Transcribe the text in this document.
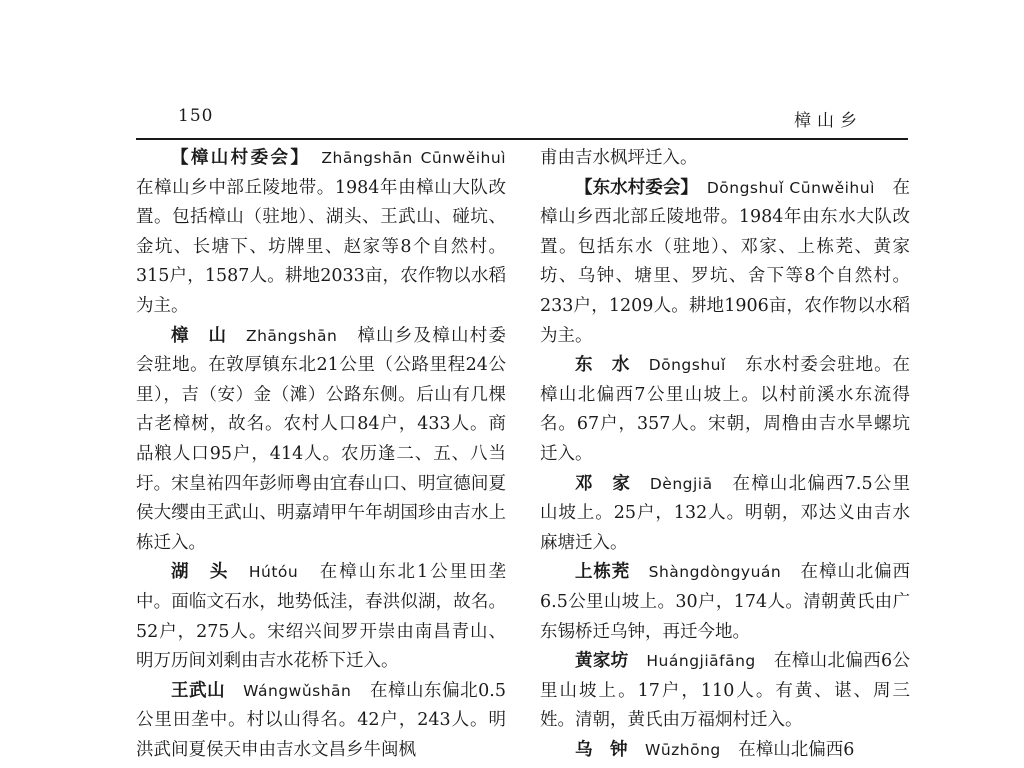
150	樟山乡

【樟山村委会】　 Zhāngshān Cūnwěihuì　在樟山乡中部丘陵地带。1984年由樟山大队改置。包括樟山（驻地）、湖头、王武山、碰坑、金坑、长塘下、坊牌里、赵家等8个自然村。315户，1587人。耕地2033亩，农作物以水稻为主。

樟　山　 Zhāngshān　 樟山乡及樟山村委会驻地。在敦厚镇东北21公里（公路里程24公里），吉（安）金（滩）公路东侧。后山有几棵古老樟树，故名。农村人口84户，433人。商品粮人口95户，414人。农历逢二、五、八当圩。宋皇祐四年彭师粤由宜春山口、明宣德间夏侯大缨由王武山、明嘉靖甲午年胡国珍由吉水上栋迁入。

湖　头　 Hútóu　 在樟山东北1公里田垄中。面临文石水，地势低洼，春洪似湖，故名。52户，275人。宋绍兴间罗开崇由南昌青山、明万历间刘剩由吉水花桥下迁入。

王武山　 Wángwǔshān　 在樟山东偏北0.5公里田垄中。村以山得名。42户，243人。明洪武间夏侯天申由吉水文昌乡牛闽枫

甫由吉水枫坪迁入。

【东水村委会】　 Dōngshuǐ Cūnwěihuì　 在樟山乡西北部丘陵地带。1984年由东水大队改置。包括东水（驻地）、邓家、上栋茺、黄家坊、乌钟、塘里、罗坑、舍下等8个自然村。233户，1209人。耕地1906亩，农作物以水稻为主。

东　水　 Dōngshuǐ　 东水村委会驻地。在樟山北偏西7公里山坡上。以村前溪水东流得名。67户，357人。宋朝，周橹由吉水旱螺坑迁入。

邓　家　 Dèngjiā　 在樟山北偏西7.5公里山坡上。25户，132人。明朝，邓达义由吉水麻塘迁入。

上栋茺　 Shàngdòngyuán　 在樟山北偏西6.5公里山坡上。30户，174人。清朝黄氏由广东锡桥迁乌钟，再迁今地。

黄家坊　 Huángjiāfāng　 在樟山北偏西6公里山坡上。17户，110人。有黄、谌、周三姓。清朝，黄氏由万福炯村迁入。

乌　钟　 Wūzhōng　 在樟山北偏西6
